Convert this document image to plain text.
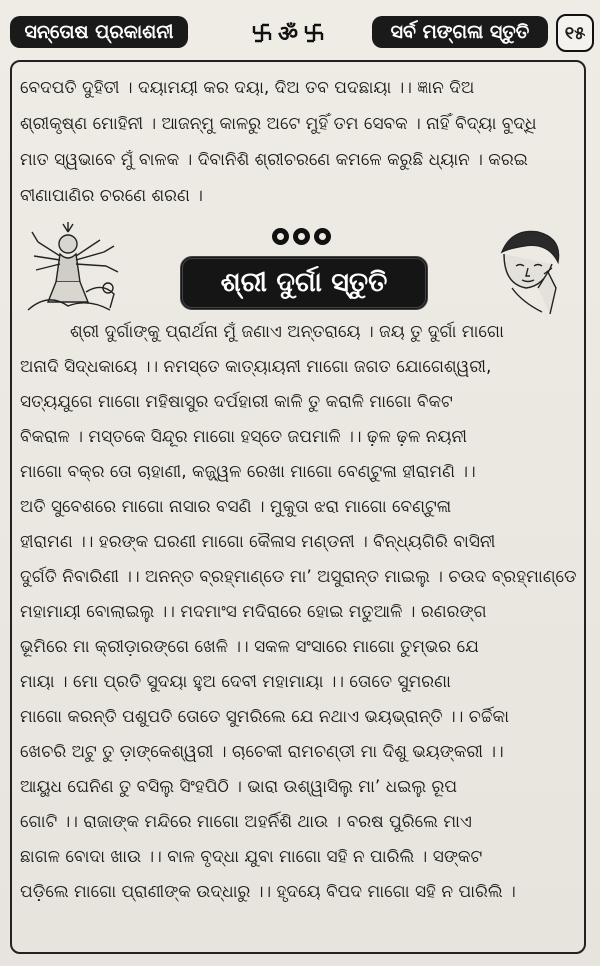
ସନ୍ତୋଷ ପ୍ରକାଶନୀ	ॐ	ସର୍ବ ମଙ୍ଗଳା ସ୍ତୁତି	୧୫
ବେଦପତି ଦୁହିତୀ । ଦୟାମୟୀ କର ଦୟା, ଦିଅ ତବ ପଦଛାୟା ।। ଜ୍ଞାନ ଦିଅ
ଶ୍ରୀକୃଷ୍ଣ ମୋହିନୀ । ଆଜନ୍ମୁ କାଳରୁ ଅଟେ ମୁହିଁ ତମ ସେବକ । ନାହିଁ ବିଦ୍ୟା ବୁଦ୍ଧି
ମାତ ସ୍ୱଭାବେ ମୁଁ ବାଳକ । ଦିବାନିଶି ଶ୍ରୀଚରଣେ କମଳେ କରୁଛି ଧ୍ୟାନ । କରଇ
ବୀଣାପାଣିର ଚରଣେ ଶରଣ ।
ଶ୍ରୀ ଦୁର୍ଗା ସ୍ତୁତି
ଶ୍ରୀ ଦୁର୍ଗାଙ୍କୁ ପ୍ରାର୍ଥନା ମୁଁ ଜଣାଏ ଅନ୍ତରାୟେ । ଜୟ ତୁ ଦୁର୍ଗା ମାଗୋ
ଅନାଦି ସିଦ୍ଧକାୟେ ।। ନମସ୍ତେ କାତ୍ୟାୟନୀ ମାଗୋ ଜଗତ ଯୋଗେଶ୍ୱରୀ,
ସତ୍ୟଯୁଗେ ମାଗୋ ମହିଷାସୁର ଦର୍ପହାରୀ କାଳି ତୁ କରାଳି ମାଗୋ ବିକଟ
ବିକରାଳ । ମସ୍ତକେ ସିନ୍ଦୂର ମାଗୋ ହସ୍ତେ ଜପମାଳି ।। ଢ଼ଳ ଢ଼ଳ ନୟନୀ
ମାଗୋ ବକ୍ର ତୋ ଚାହାଣୀ, କଜ୍ଜ୍ୱଳ ରେଖା ମାଗୋ ବେଣ୍ଟୁଳା ହୀରାମଣି ।।
ଅତି ସୁବେଶରେ ମାଗୋ ନାସାର ବସଣି । ମୁକୁତା ଝରା ମାଗୋ ବେଣ୍ଟୁଳା
ହୀରାମଣ ।। ହରଙ୍କ ଘରଣୀ ମାଗୋ କୈଳାସ ମଣ୍ଡନୀ । ବିନ୍ଧ୍ୟଗିରି ବାସିନୀ
ଦୁର୍ଗତି ନିବାରିଣୀ ।। ଅନନ୍ତ ବ୍ରହ୍ମାଣ୍ଡେ ମା’ ଅସୁରାନ୍ତ ମାଇଲୁ । ଚଉଦ ବ୍ରହ୍ମାଣ୍ଡେ
ମହାମାୟୀ ବୋଲାଇଲୁ ।। ମଦମାଂସ ମଦିରାରେ ହୋଇ ମତୁଆଳି । ରଣରଙ୍ଗ
ଭୂମିରେ ମା କ୍ରୀଡ଼ାରଙ୍ଗେ ଖେଳି ।। ସକଳ ସଂସାରେ ମାଗୋ ତୁମ୍ଭର ଯେ
ମାୟା । ମୋ ପ୍ରତି ସୁଦୟା ହୁଅ ଦେବୀ ମହାମାୟା ।। ତୋତେ ସୁମରଣା
ମାଗୋ କରନ୍ତି ପଶୁପତି ତୋତେ ସୁମରିଲେ ଯେ ନଥାଏ ଭୟଭ୍ରାନ୍ତି ।। ଚର୍ଚ୍ଚିକା
ଖେଚରି ଅଟୁ ତୁ ଡ଼ାଙ୍କେଶ୍ୱରୀ । ଚାଚେକୀ ରାମଚଣ୍ଡୀ ମା ଦିଶୁ ଭୟଙ୍କରୀ ।।
ଆୟୁଧ ଘେନିଣ ତୁ ବସିଲୁ ସିଂହପିଠି । ଭାରା ଉଶ୍ୱାସିଲୁ ମା’ ଧଇଲୁ ରୂପ
ଗୋଟି ।। ରାଜାଙ୍କ ମନ୍ଦିରେ ମାଗୋ ଅହର୍ନିଶି ଥାଉ । ବରଷ ପୁରିଲେ ମାଏ
ଛାଗଳ ବୋଦା ଖାଉ ।। ବାଳ ବୃଦ୍ଧା ଯୁବା ମାଗୋ ସହି ନ ପାରିଲି । ସଙ୍କଟ
ପଡ଼ିଲେ ମାଗୋ ପ୍ରାଣୀଙ୍କ ଉଦ୍ଧାରୁ ।। ହୃଦୟେ ବିପଦ ମାଗୋ ସହି ନ ପାରିଲି ।
